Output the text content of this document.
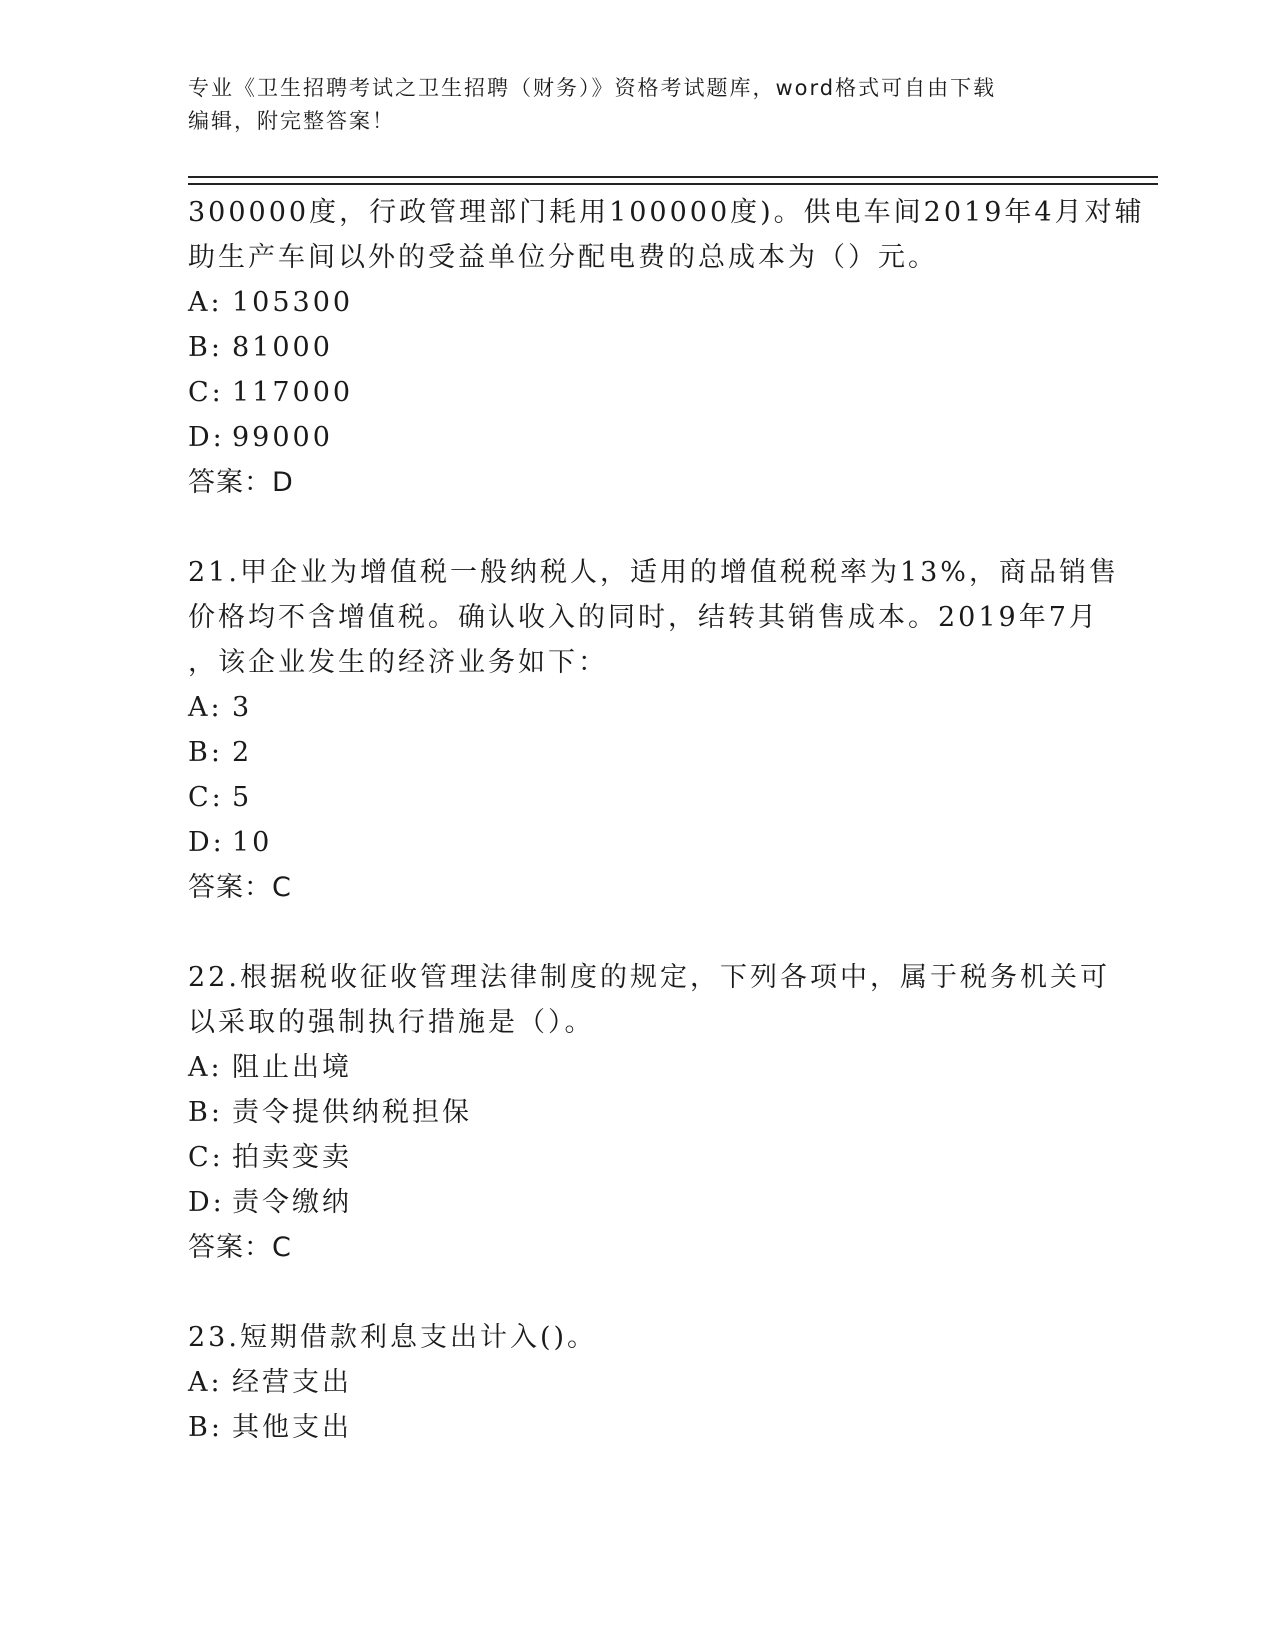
专业《卫生招聘考试之卫生招聘（财务）》资格考试题库，word格式可自由下载
编辑，附完整答案！
300000度，行政管理部门耗用100000度)。供电车间2019年4月对辅
助生产车间以外的受益单位分配电费的总成本为（）元。
A: 105300
B: 81000
C: 117000
D: 99000
答案：D
21.甲企业为增值税一般纳税人，适用的增值税税率为13%，商品销售
价格均不含增值税。确认收入的同时，结转其销售成本。2019年7月
，该企业发生的经济业务如下：
A: 3
B: 2
C: 5
D: 10
答案：C
22.根据税收征收管理法律制度的规定，下列各项中，属于税务机关可
以采取的强制执行措施是（）。
A: 阻止出境
B: 责令提供纳税担保
C: 拍卖变卖
D: 责令缴纳
答案：C
23.短期借款利息支出计入()。
A: 经营支出
B: 其他支出
